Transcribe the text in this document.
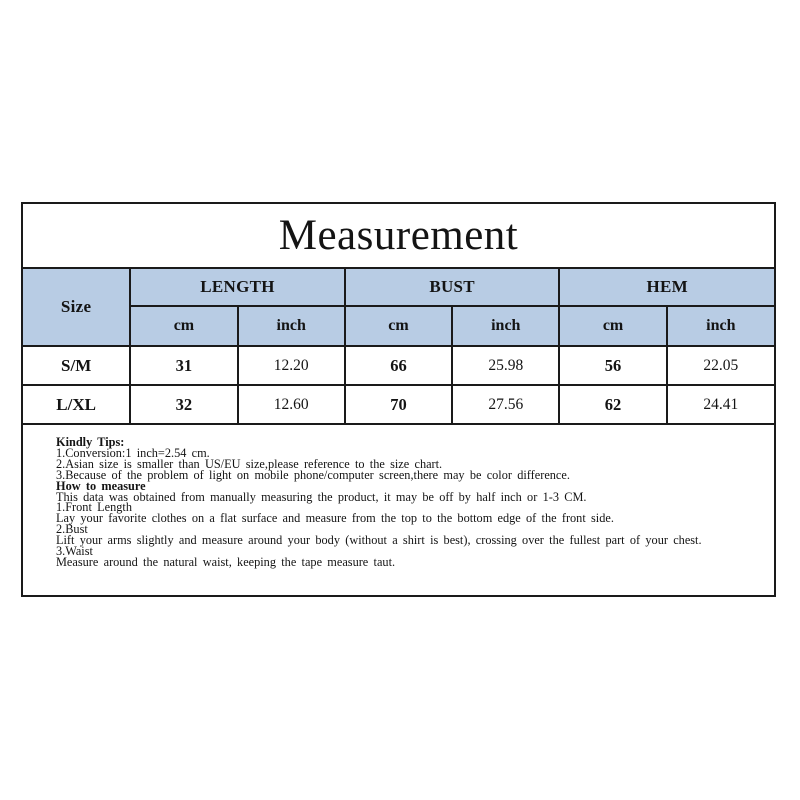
Measurement
Size	LENGTH		BUST		HEM	
	cm	inch	cm	inch	cm	inch
S/M	31	12.20	66	25.98	56	22.05
L/XL	32	12.60	70	27.56	62	24.41
Kindly Tips:
1.Conversion:1 inch=2.54 cm.
2.Asian size is smaller than US/EU size,please reference to the size chart.
3.Because of the problem of light on mobile phone/computer screen,there may be color difference.
How to measure
This data was obtained from manually measuring the product, it may be off by half inch or 1-3 CM.
1.Front Length
Lay your favorite clothes on a flat surface and measure from the top to the bottom edge of the front side.
2.Bust
Lift your arms slightly and measure around your body (without a shirt is best), crossing over the fullest part of your chest.
3.Waist
Measure around the natural waist, keeping the tape measure taut.
